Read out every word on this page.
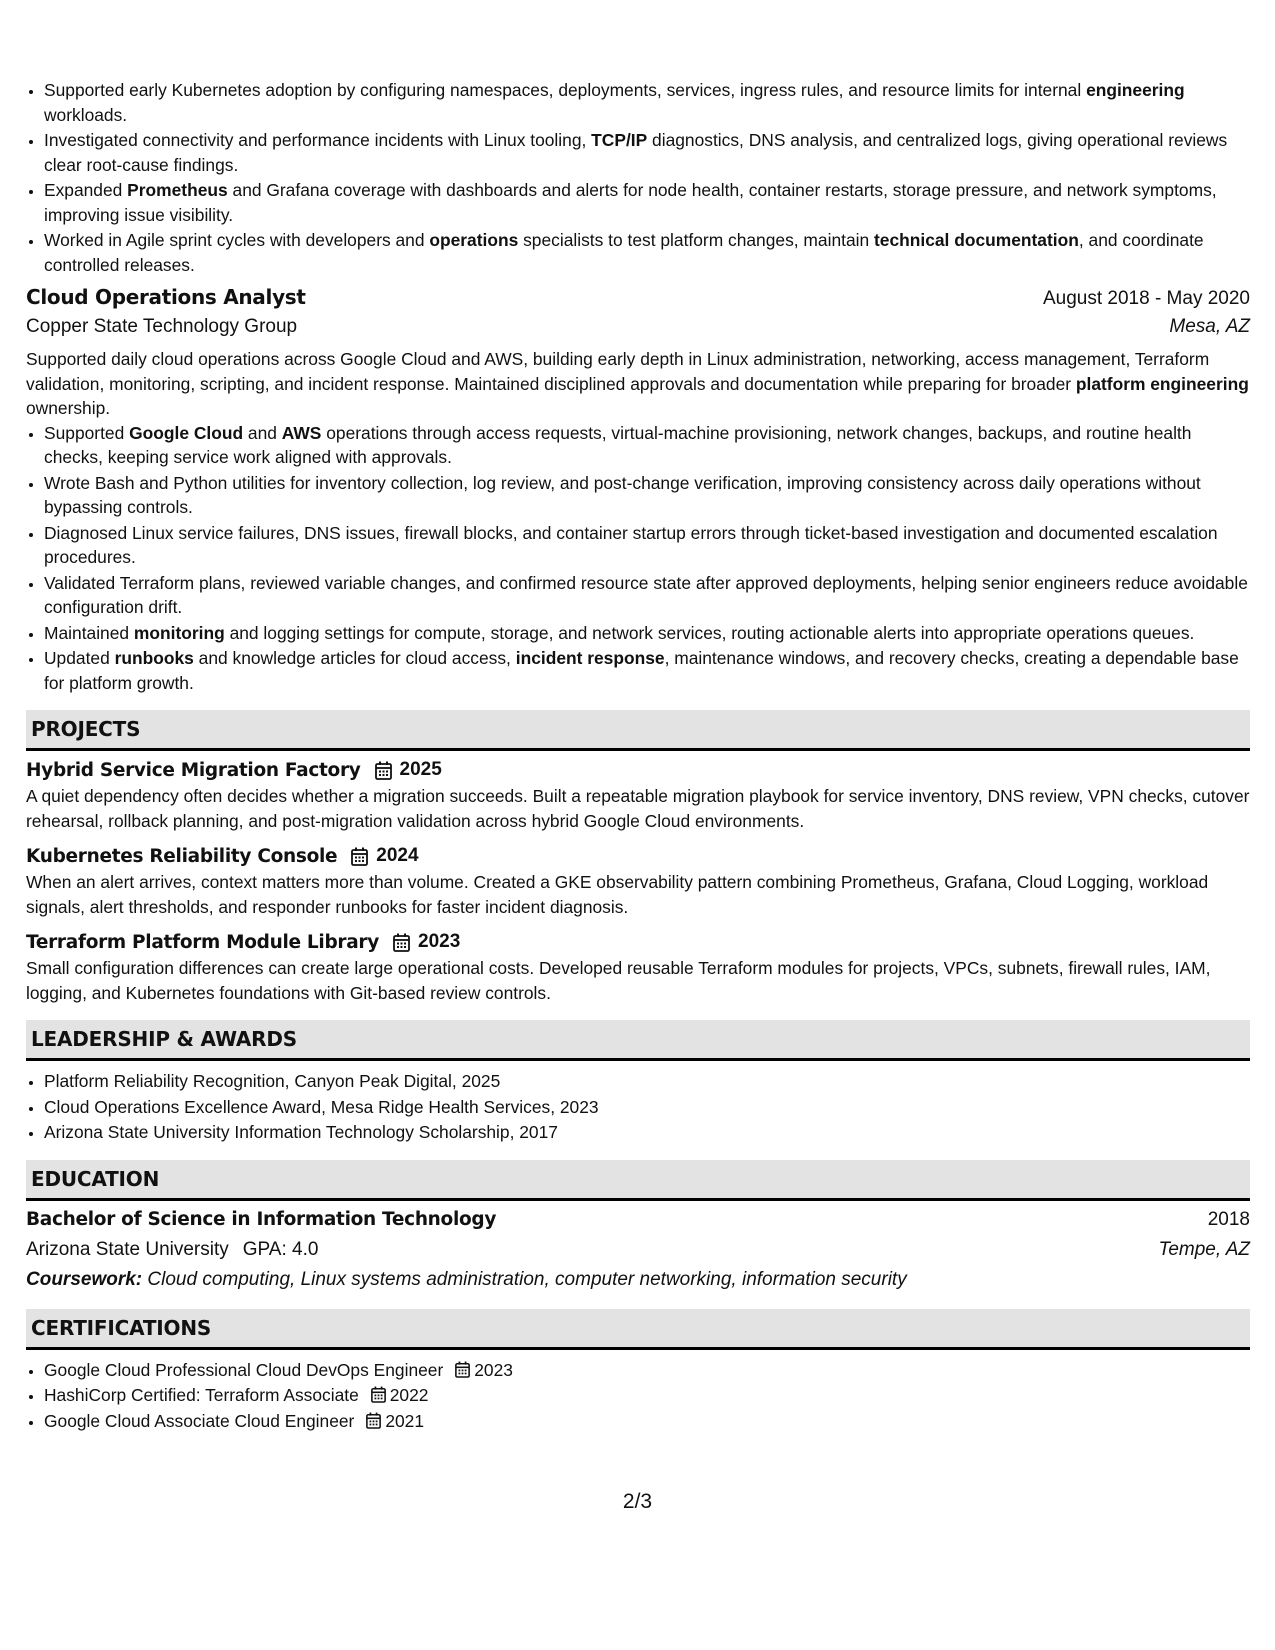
• Supported early Kubernetes adoption by configuring namespaces, deployments, services, ingress rules, and resource limits for internal engineering workloads.
• Investigated connectivity and performance incidents with Linux tooling, TCP/IP diagnostics, DNS analysis, and centralized logs, giving operational reviews clear root-cause findings.
• Expanded Prometheus and Grafana coverage with dashboards and alerts for node health, container restarts, storage pressure, and network symptoms, improving issue visibility.
• Worked in Agile sprint cycles with developers and operations specialists to test platform changes, maintain technical documentation, and coordinate controlled releases.
Cloud Operations Analyst	August 2018 - May 2020
Copper State Technology Group	Mesa, AZ
Supported daily cloud operations across Google Cloud and AWS, building early depth in Linux administration, networking, access management, Terraform validation, monitoring, scripting, and incident response. Maintained disciplined approvals and documentation while preparing for broader platform engineering ownership.
• Supported Google Cloud and AWS operations through access requests, virtual-machine provisioning, network changes, backups, and routine health checks, keeping service work aligned with approvals.
• Wrote Bash and Python utilities for inventory collection, log review, and post-change verification, improving consistency across daily operations without bypassing controls.
• Diagnosed Linux service failures, DNS issues, firewall blocks, and container startup errors through ticket-based investigation and documented escalation procedures.
• Validated Terraform plans, reviewed variable changes, and confirmed resource state after approved deployments, helping senior engineers reduce avoidable configuration drift.
• Maintained monitoring and logging settings for compute, storage, and network services, routing actionable alerts into appropriate operations queues.
• Updated runbooks and knowledge articles for cloud access, incident response, maintenance windows, and recovery checks, creating a dependable base for platform growth.
PROJECTS
Hybrid Service Migration Factory 2025
A quiet dependency often decides whether a migration succeeds. Built a repeatable migration playbook for service inventory, DNS review, VPN checks, cutover rehearsal, rollback planning, and post-migration validation across hybrid Google Cloud environments.
Kubernetes Reliability Console 2024
When an alert arrives, context matters more than volume. Created a GKE observability pattern combining Prometheus, Grafana, Cloud Logging, workload signals, alert thresholds, and responder runbooks for faster incident diagnosis.
Terraform Platform Module Library 2023
Small configuration differences can create large operational costs. Developed reusable Terraform modules for projects, VPCs, subnets, firewall rules, IAM, logging, and Kubernetes foundations with Git-based review controls.
LEADERSHIP & AWARDS
• Platform Reliability Recognition, Canyon Peak Digital, 2025
• Cloud Operations Excellence Award, Mesa Ridge Health Services, 2023
• Arizona State University Information Technology Scholarship, 2017
EDUCATION
Bachelor of Science in Information Technology	2018
Arizona State University GPA: 4.0	Tempe, AZ
Coursework: Cloud computing, Linux systems administration, computer networking, information security
CERTIFICATIONS
• Google Cloud Professional Cloud DevOps Engineer 2023
• HashiCorp Certified: Terraform Associate 2022
• Google Cloud Associate Cloud Engineer 2021
2/3
